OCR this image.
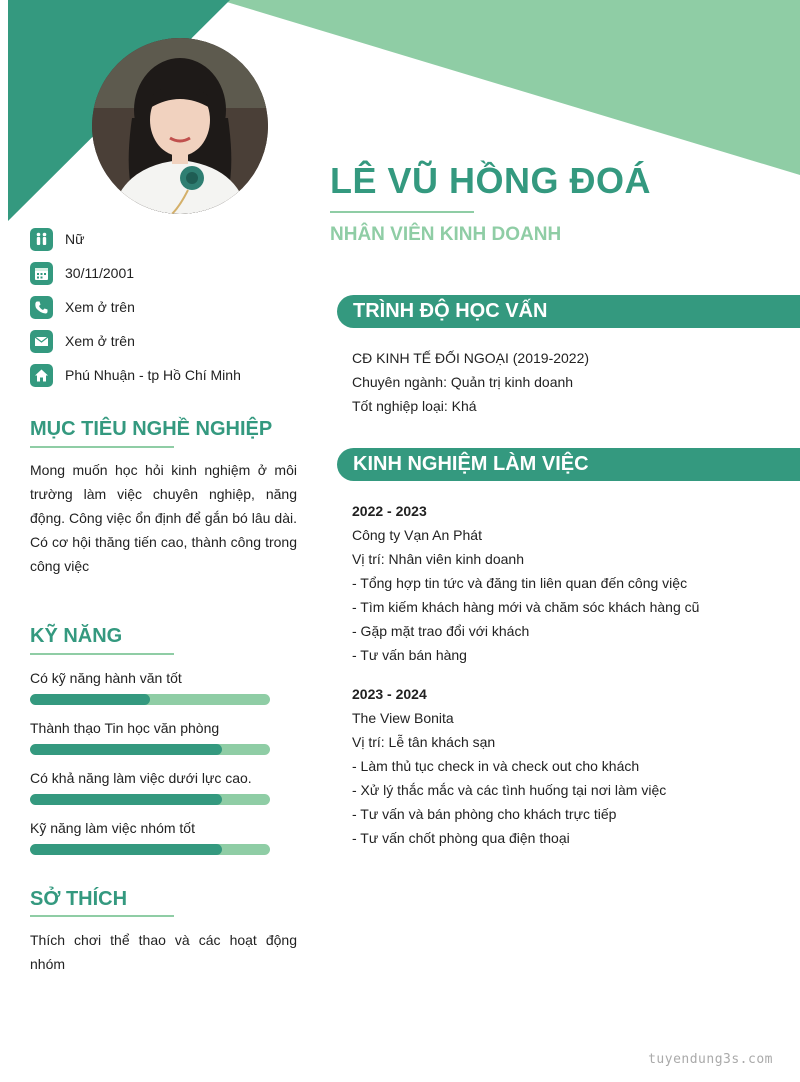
LÊ VŨ HỒNG ĐOÁ
NHÂN VIÊN KINH DOANH
Nữ
30/11/2001
Xem ở trên
Xem ở trên
Phú Nhuận - tp Hồ Chí Minh
MỤC TIÊU NGHỀ NGHIỆP
Mong muốn học hỏi kinh nghiệm ở môi trường làm việc chuyên nghiệp, năng động. Công việc ổn định để gắn bó lâu dài. Có cơ hội thăng tiến cao, thành công trong công việc
KỸ NĂNG
Có kỹ năng hành văn tốt
Thành thạo Tin học văn phòng
Có khả năng làm việc dưới lực cao.
Kỹ năng làm việc nhóm tốt
SỞ THÍCH
Thích chơi thể thao và các hoạt động nhóm
TRÌNH ĐỘ HỌC VẤN
CĐ KINH TẾ ĐỐI NGOẠI (2019-2022)
Chuyên ngành: Quản trị kinh doanh
Tốt nghiệp loại: Khá
KINH NGHIỆM LÀM VIỆC
2022 - 2023
Công ty Vạn An Phát
Vị trí: Nhân viên kinh doanh
- Tổng hợp tin tức và đăng tin liên quan đến công việc
- Tìm kiếm khách hàng mới và chăm sóc khách hàng cũ
- Gặp mặt trao đổi với khách
- Tư vấn bán hàng
2023 - 2024
The View Bonita
Vị trí: Lễ tân khách sạn
- Làm thủ tục check in và check out cho khách
- Xử lý thắc mắc và các tình huống tại nơi làm việc
- Tư vấn và bán phòng cho khách trực tiếp
- Tư vấn chốt phòng qua điện thoại
tuyendung3s.com
